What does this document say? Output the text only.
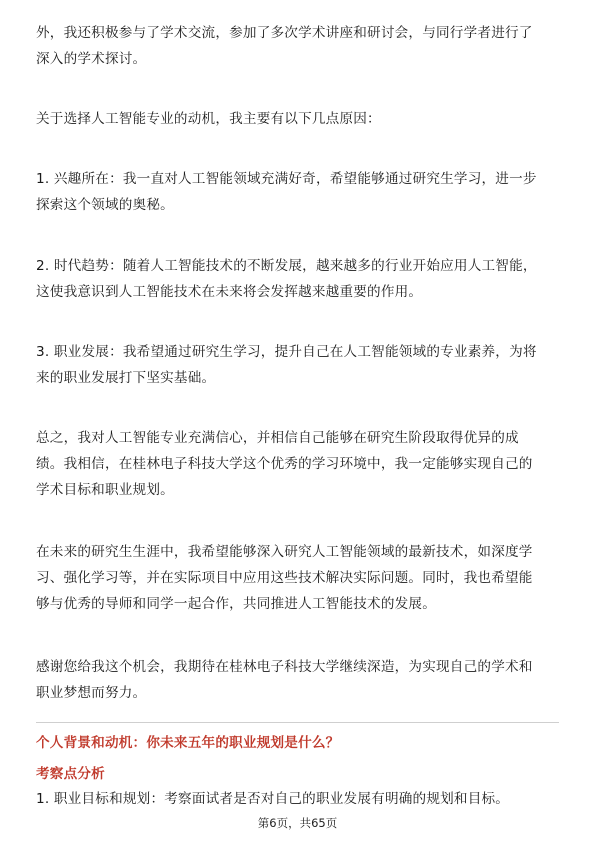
外，我还积极参与了学术交流，参加了多次学术讲座和研讨会，与同行学者进行了
深入的学术探讨。

关于选择人工智能专业的动机，我主要有以下几点原因：

1. 兴趣所在：我一直对人工智能领域充满好奇，希望能够通过研究生学习，进一步
探索这个领域的奥秘。

2. 时代趋势：随着人工智能技术的不断发展，越来越多的行业开始应用人工智能，
这使我意识到人工智能技术在未来将会发挥越来越重要的作用。

3. 职业发展：我希望通过研究生学习，提升自己在人工智能领域的专业素养，为将
来的职业发展打下坚实基础。

总之，我对人工智能专业充满信心，并相信自己能够在研究生阶段取得优异的成
绩。我相信，在桂林电子科技大学这个优秀的学习环境中，我一定能够实现自己的
学术目标和职业规划。

在未来的研究生生涯中，我希望能够深入研究人工智能领域的最新技术，如深度学
习、强化学习等，并在实际项目中应用这些技术解决实际问题。同时，我也希望能
够与优秀的导师和同学一起合作，共同推进人工智能技术的发展。

感谢您给我这个机会，我期待在桂林电子科技大学继续深造，为实现自己的学术和
职业梦想而努力。

个人背景和动机：你未来五年的职业规划是什么？
考察点分析
1. 职业目标和规划：考察面试者是否对自己的职业发展有明确的规划和目标。
第6页，共65页
